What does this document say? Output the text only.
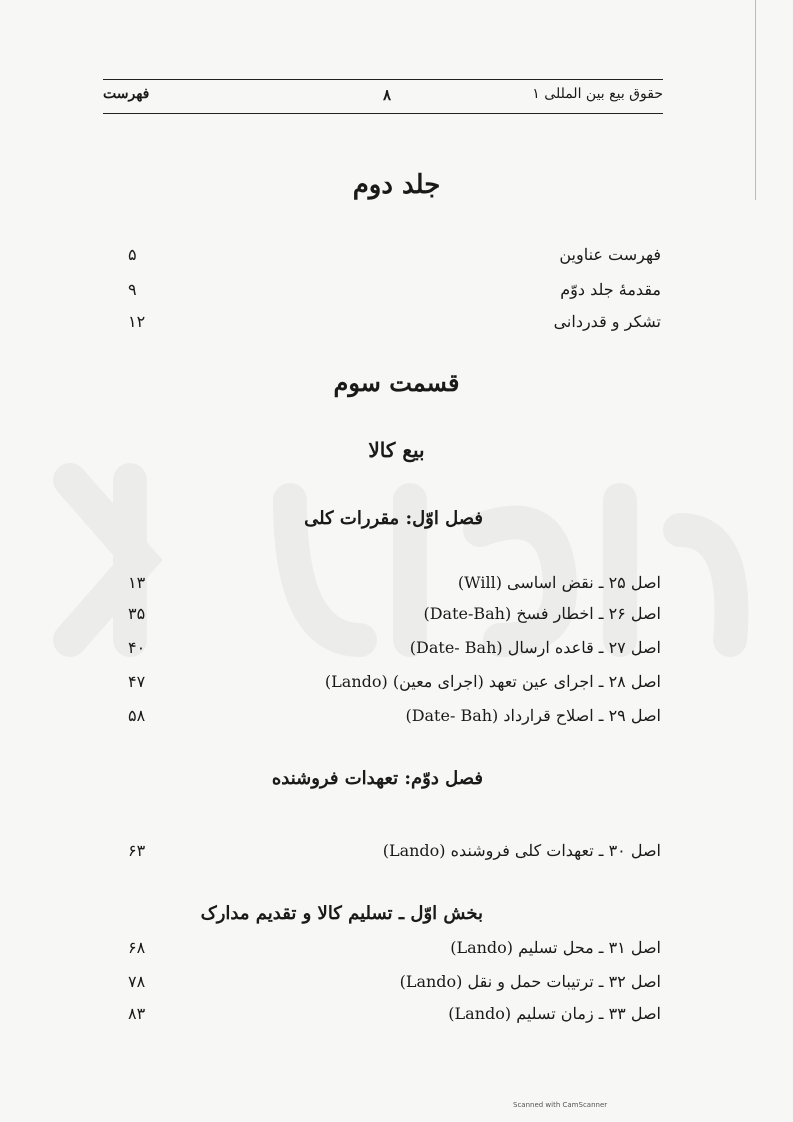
حقوق بیع بین المللی ۱
۸
فهرست
جلد دوم
فهرست عناوین
۵
مقدمهٔ جلد دوّم
۹
تشکر و قدردانی
۱۲
قسمت سوم
بیع کالا
فصل اوّل: مقررات کلی
اصل ۲۵ ـ نقض اساسی (Will)
۱۳
اصل ۲۶ ـ اخطار فسخ (Date-Bah)
۳۵
اصل ۲۷ ـ قاعده ارسال (Date- Bah)
۴۰
اصل ۲۸ ـ اجرای عین تعهد (اجرای معین) (Lando)
۴۷
اصل ۲۹ ـ اصلاح قرارداد (Date- Bah)
۵۸
فصل دوّم: تعهدات فروشنده
اصل ۳۰ ـ تعهدات کلی فروشنده (Lando)
۶۳
بخش اوّل ـ تسلیم کالا و تقدیم مدارک
اصل ۳۱ ـ محل تسلیم (Lando)
۶۸
اصل ۳۲ ـ ترتیبات حمل و نقل (Lando)
۷۸
اصل ۳۳ ـ زمان تسلیم (Lando)
۸۳
Scanned with CamScanner
